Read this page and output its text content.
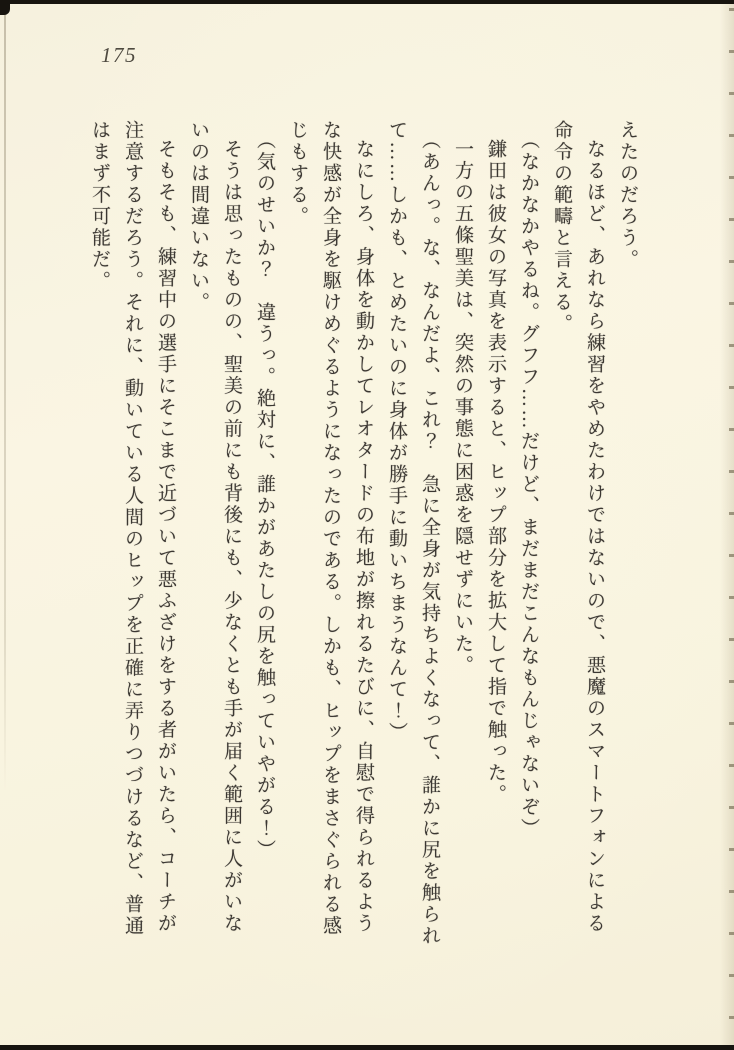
175

えたのだろう。

なるほど、あれなら練習をやめたわけではないので、悪魔のスマートフォンによる

命令の範疇と言える。

（なかなかやるね。グフフ……だけど、まだまだこんなもんじゃないぞ）

鎌田は彼女の写真を表示すると、ヒップ部分を拡大して指で触った。

一方の五條聖美は、突然の事態に困惑を隠せずにいた。

（あんっ。な、なんだよ、これ？　急に全身が気持ちよくなって、誰かに尻を触られ

て……しかも、とめたいのに身体が勝手に動いちまうなんて！）

なにしろ、身体を動かしてレオタードの布地が擦れるたびに、自慰で得られるよう

な快感が全身を駆けめぐるようになったのである。しかも、ヒップをまさぐられる感

じもする。

（気のせいか？　違うっ。絶対に、誰かがあたしの尻を触っていやがる！）

そうは思ったものの、聖美の前にも背後にも、少なくとも手が届く範囲に人がいな

いのは間違いない。

そもそも、練習中の選手にそこまで近づいて悪ふざけをする者がいたら、コーチが

注意するだろう。それに、動いている人間のヒップを正確に弄りつづけるなど、普通

はまず不可能だ。
